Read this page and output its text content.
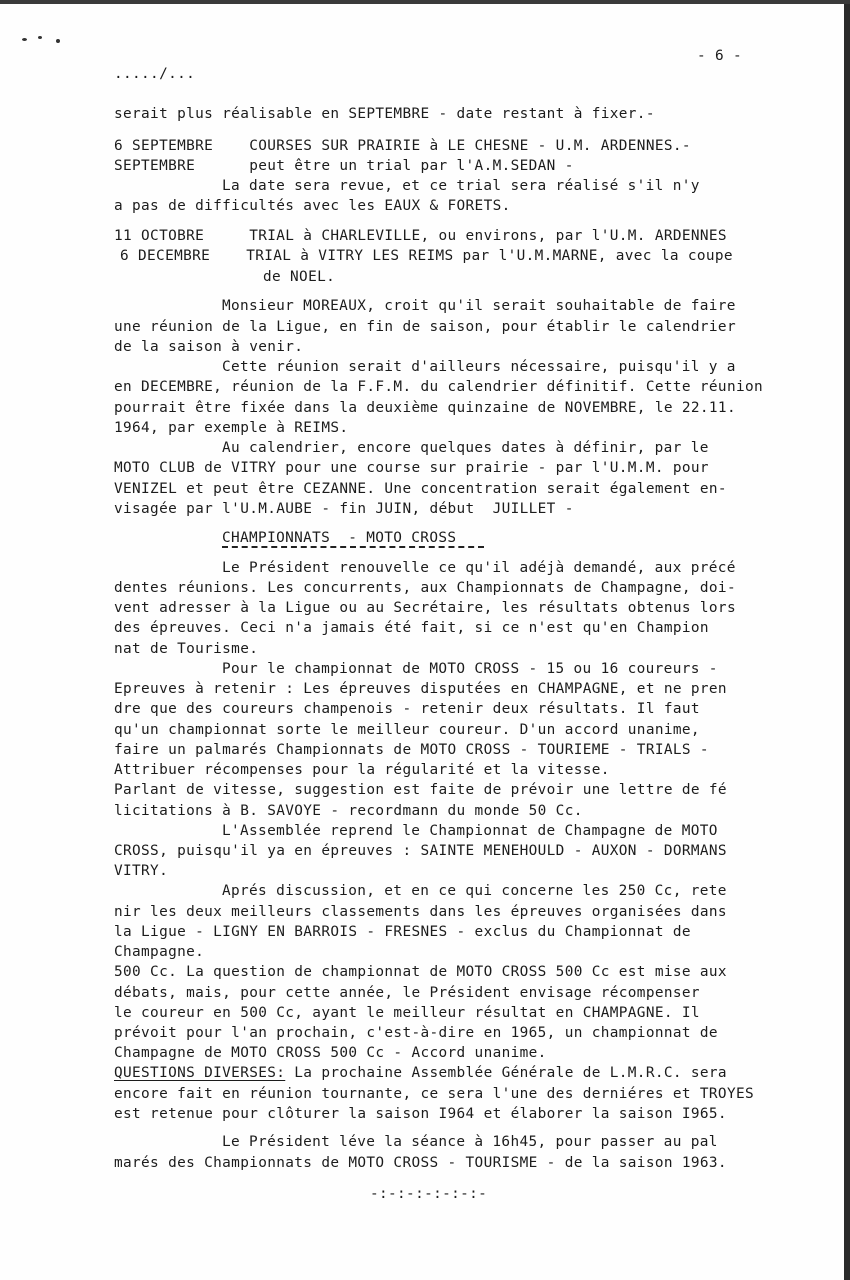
- 6 -
...../...
serait plus réalisable en SEPTEMBRE - date restant à fixer.-
6 SEPTEMBRE    COURSES SUR PRAIRIE à LE CHESNE - U.M. ARDENNES.-
SEPTEMBRE      peut être un trial par l'A.M.SEDAN -
La date sera revue, et ce trial sera réalisé s'il n'y
a pas de difficultés avec les EAUX & FORETS.
11 OCTOBRE     TRIAL à CHARLEVILLE, ou environs, par l'U.M. ARDENNES
6 DECEMBRE    TRIAL à VITRY LES REIMS par l'U.M.MARNE, avec la coupe
de NOEL.
Monsieur MOREAUX, croit qu'il serait souhaitable de faire
une réunion de la Ligue, en fin de saison, pour établir le calendrier
de la saison à venir.
Cette réunion serait d'ailleurs nécessaire, puisqu'il y a
en DECEMBRE, réunion de la F.F.M. du calendrier définitif. Cette réunion
pourrait être fixée dans la deuxième quinzaine de NOVEMBRE, le 22.11.
1964, par exemple à REIMS.
Au calendrier, encore quelques dates à définir, par le
MOTO CLUB de VITRY pour une course sur prairie - par l'U.M.M. pour
VENIZEL et peut être CEZANNE. Une concentration serait également en-
visagée par l'U.M.AUBE - fin JUIN, début  JUILLET -
CHAMPIONNATS  - MOTO CROSS
Le Président renouvelle ce qu'il adéjà demandé, aux précé
dentes réunions. Les concurrents, aux Championnats de Champagne, doi-
vent adresser à la Ligue ou au Secrétaire, les résultats obtenus lors
des épreuves. Ceci n'a jamais été fait, si ce n'est qu'en Champion
nat de Tourisme.
Pour le championnat de MOTO CROSS - 15 ou 16 coureurs -
Epreuves à retenir : Les épreuves disputées en CHAMPAGNE, et ne pren
dre que des coureurs champenois - retenir deux résultats. Il faut
qu'un championnat sorte le meilleur coureur. D'un accord unanime,
faire un palmarés Championnats de MOTO CROSS - TOURIEME - TRIALS -
Attribuer récompenses pour la régularité et la vitesse.
Parlant de vitesse, suggestion est faite de prévoir une lettre de fé
licitations à B. SAVOYE - recordmann du monde 50 Cc.
L'Assemblée reprend le Championnat de Champagne de MOTO
CROSS, puisqu'il ya en épreuves : SAINTE MENEHOULD - AUXON - DORMANS
VITRY.
Aprés discussion, et en ce qui concerne les 250 Cc, rete
nir les deux meilleurs classements dans les épreuves organisées dans
la Ligue - LIGNY EN BARROIS - FRESNES - exclus du Championnat de
Champagne.
500 Cc. La question de championnat de MOTO CROSS 500 Cc est mise aux
débats, mais, pour cette année, le Président envisage récompenser
le coureur en 500 Cc, ayant le meilleur résultat en CHAMPAGNE. Il
prévoit pour l'an prochain, c'est-à-dire en 1965, un championnat de
Champagne de MOTO CROSS 500 Cc - Accord unanime.
QUESTIONS DIVERSES: La prochaine Assemblée Générale de L.M.R.C. sera
encore fait en réunion tournante, ce sera l'une des derniéres et TROYES
est retenue pour clôturer la saison I964 et élaborer la saison I965.
Le Président léve la séance à 16h45, pour passer au pal
marés des Championnats de MOTO CROSS - TOURISME - de la saison 1963.
-:-:-:-:-:-:-
